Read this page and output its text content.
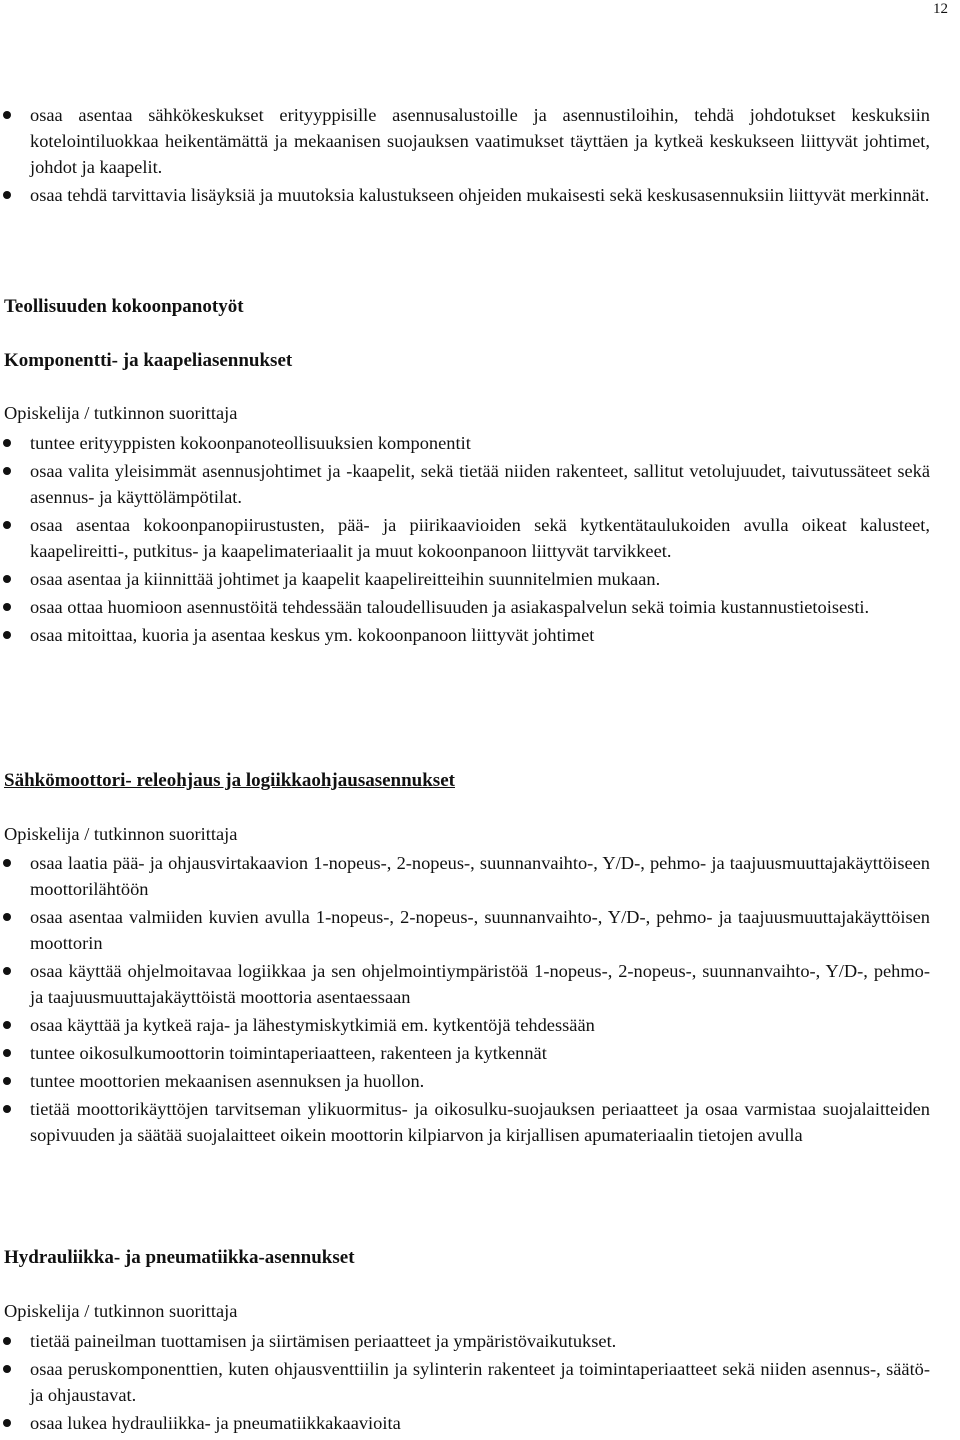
12
osaa asentaa sähkökeskukset erityyppisille asennusalustoille ja asennustiloihin, tehdä johdotukset keskuksiin kotelointiluokkaa heikentämättä ja mekaanisen suojauksen vaatimukset täyttäen ja kytkeä keskukseen liittyvät johtimet, johdot ja kaapelit.
osaa tehdä tarvittavia lisäyksiä ja muutoksia kalustukseen ohjeiden mukaisesti sekä keskusasennuksiin liittyvät merkinnät.
Teollisuuden kokoonpanotyöt
Komponentti- ja kaapeliasennukset
Opiskelija / tutkinnon suorittaja
tuntee erityyppisten kokoonpanoteollisuuksien komponentit
osaa valita yleisimmät asennusjohtimet ja -kaapelit, sekä tietää niiden rakenteet, sallitut vetolujuudet, taivutussäteet sekä asennus- ja käyttölämpötilat.
osaa asentaa kokoonpanopiirustusten, pää- ja piirikaavioiden sekä kytkentätaulukoiden avulla oikeat kalusteet, kaapelireitti-, putkitus- ja kaapelimateriaalit ja muut kokoonpanoon liittyvät tarvikkeet.
osaa asentaa ja kiinnittää johtimet ja kaapelit kaapelireitteihin suunnitelmien mukaan.
osaa ottaa huomioon asennustöitä tehdessään taloudellisuuden ja asiakaspalvelun sekä toimia kustannustietoisesti.
osaa mitoittaa, kuoria ja asentaa keskus ym. kokoonpanoon liittyvät johtimet
Sähkömoottori- releohjaus ja logiikkaohjausasennukset
Opiskelija / tutkinnon suorittaja
osaa laatia pää- ja ohjausvirtakaavion 1-nopeus-, 2-nopeus-, suunnanvaihto-, Y/D-, pehmo- ja taajuusmuuttajakäyttöiseen moottorilähtöön
osaa asentaa valmiiden kuvien avulla 1-nopeus-, 2-nopeus-, suunnanvaihto-, Y/D-, pehmo- ja taajuusmuuttajakäyttöisen moottorin
osaa käyttää ohjelmoitavaa logiikkaa ja sen ohjelmointiympäristöä 1-nopeus-, 2-nopeus-, suunnanvaihto-, Y/D-, pehmo- ja taajuusmuuttajakäyttöistä moottoria asentaessaan
osaa käyttää ja kytkeä raja- ja lähestymiskytkimiä em. kytkentöjä tehdessään
tuntee oikosulkumoottorin toimintaperiaatteen, rakenteen ja kytkennät
tuntee moottorien mekaanisen asennuksen ja huollon.
tietää moottorikäyttöjen tarvitseman ylikuormitus- ja oikosulku-suojauksen periaatteet ja osaa varmistaa suojalaitteiden sopivuuden ja säätää suojalaitteet oikein moottorin kilpiarvon ja kirjallisen apumateriaalin tietojen avulla
Hydrauliikka- ja pneumatiikka-asennukset
Opiskelija / tutkinnon suorittaja
tietää paineilman tuottamisen ja siirtämisen periaatteet ja ympäristövaikutukset.
osaa peruskomponenttien, kuten ohjausventtiilin ja sylinterin rakenteet ja toimintaperiaatteet sekä niiden asennus-, säätö- ja ohjaustavat.
osaa lukea hydrauliikka- ja pneumatiikkakaavioita
